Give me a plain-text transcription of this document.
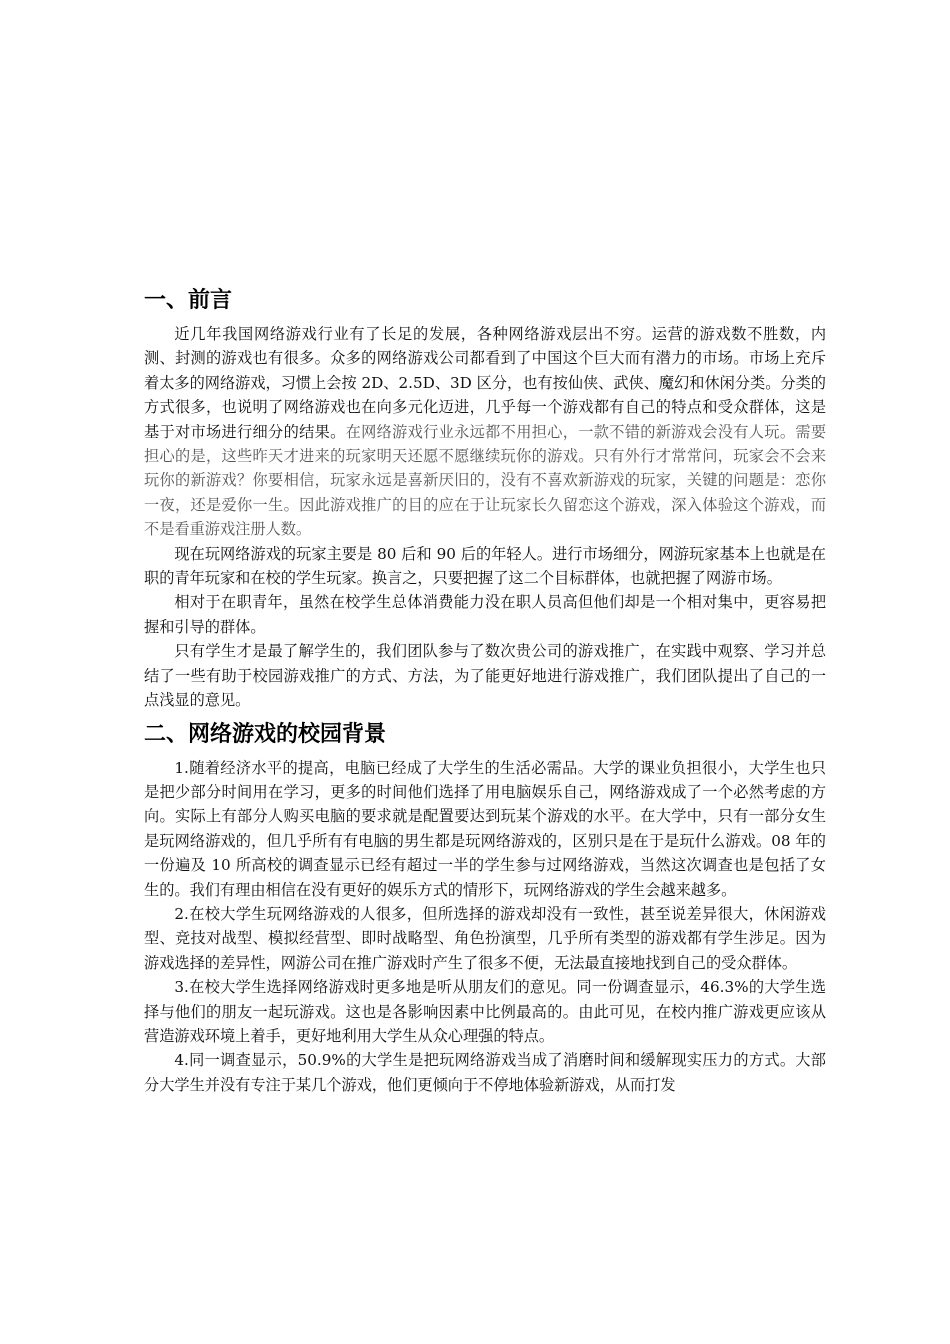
一、前言

近几年我国网络游戏行业有了长足的发展，各种网络游戏层出不穷。运营的游戏数不胜数，内测、封测的游戏也有很多。众多的网络游戏公司都看到了中国这个巨大而有潜力的市场。市场上充斥着太多的网络游戏，习惯上会按 2D、2.5D、3D 区分，也有按仙侠、武侠、魔幻和休闲分类。分类的方式很多，也说明了网络游戏也在向多元化迈进，几乎每一个游戏都有自己的特点和受众群体，这是基于对市场进行细分的结果。在网络游戏行业永远都不用担心，一款不错的新游戏会没有人玩。需要担心的是，这些昨天才进来的玩家明天还愿不愿继续玩你的游戏。只有外行才常常问，玩家会不会来玩你的新游戏？你要相信，玩家永远是喜新厌旧的，没有不喜欢新游戏的玩家，关键的问题是：恋你一夜，还是爱你一生。因此游戏推广的目的应在于让玩家长久留恋这个游戏，深入体验这个游戏，而不是看重游戏注册人数。

现在玩网络游戏的玩家主要是 80 后和 90 后的年轻人。进行市场细分，网游玩家基本上也就是在职的青年玩家和在校的学生玩家。换言之，只要把握了这二个目标群体，也就把握了网游市场。

相对于在职青年，虽然在校学生总体消费能力没在职人员高但他们却是一个相对集中，更容易把握和引导的群体。

只有学生才是最了解学生的，我们团队参与了数次贵公司的游戏推广，在实践中观察、学习并总结了一些有助于校园游戏推广的方式、方法，为了能更好地进行游戏推广，我们团队提出了自己的一点浅显的意见。

二、网络游戏的校园背景

1.随着经济水平的提高，电脑已经成了大学生的生活必需品。大学的课业负担很小，大学生也只是把少部分时间用在学习，更多的时间他们选择了用电脑娱乐自己，网络游戏成了一个必然考虑的方向。实际上有部分人购买电脑的要求就是配置要达到玩某个游戏的水平。在大学中，只有一部分女生是玩网络游戏的，但几乎所有有电脑的男生都是玩网络游戏的，区别只是在于是玩什么游戏。08 年的一份遍及 10 所高校的调查显示已经有超过一半的学生参与过网络游戏，当然这次调查也是包括了女生的。我们有理由相信在没有更好的娱乐方式的情形下，玩网络游戏的学生会越来越多。

2.在校大学生玩网络游戏的人很多，但所选择的游戏却没有一致性，甚至说差异很大，休闲游戏型、竞技对战型、模拟经营型、即时战略型、角色扮演型，几乎所有类型的游戏都有学生涉足。因为游戏选择的差异性，网游公司在推广游戏时产生了很多不便，无法最直接地找到自己的受众群体。

3.在校大学生选择网络游戏时更多地是听从朋友们的意见。同一份调查显示，46.3%的大学生选择与他们的朋友一起玩游戏。这也是各影响因素中比例最高的。由此可见，在校内推广游戏更应该从营造游戏环境上着手，更好地利用大学生从众心理强的特点。

4.同一调查显示，50.9%的大学生是把玩网络游戏当成了消磨时间和缓解现实压力的方式。大部分大学生并没有专注于某几个游戏，他们更倾向于不停地体验新游戏，从而打发
